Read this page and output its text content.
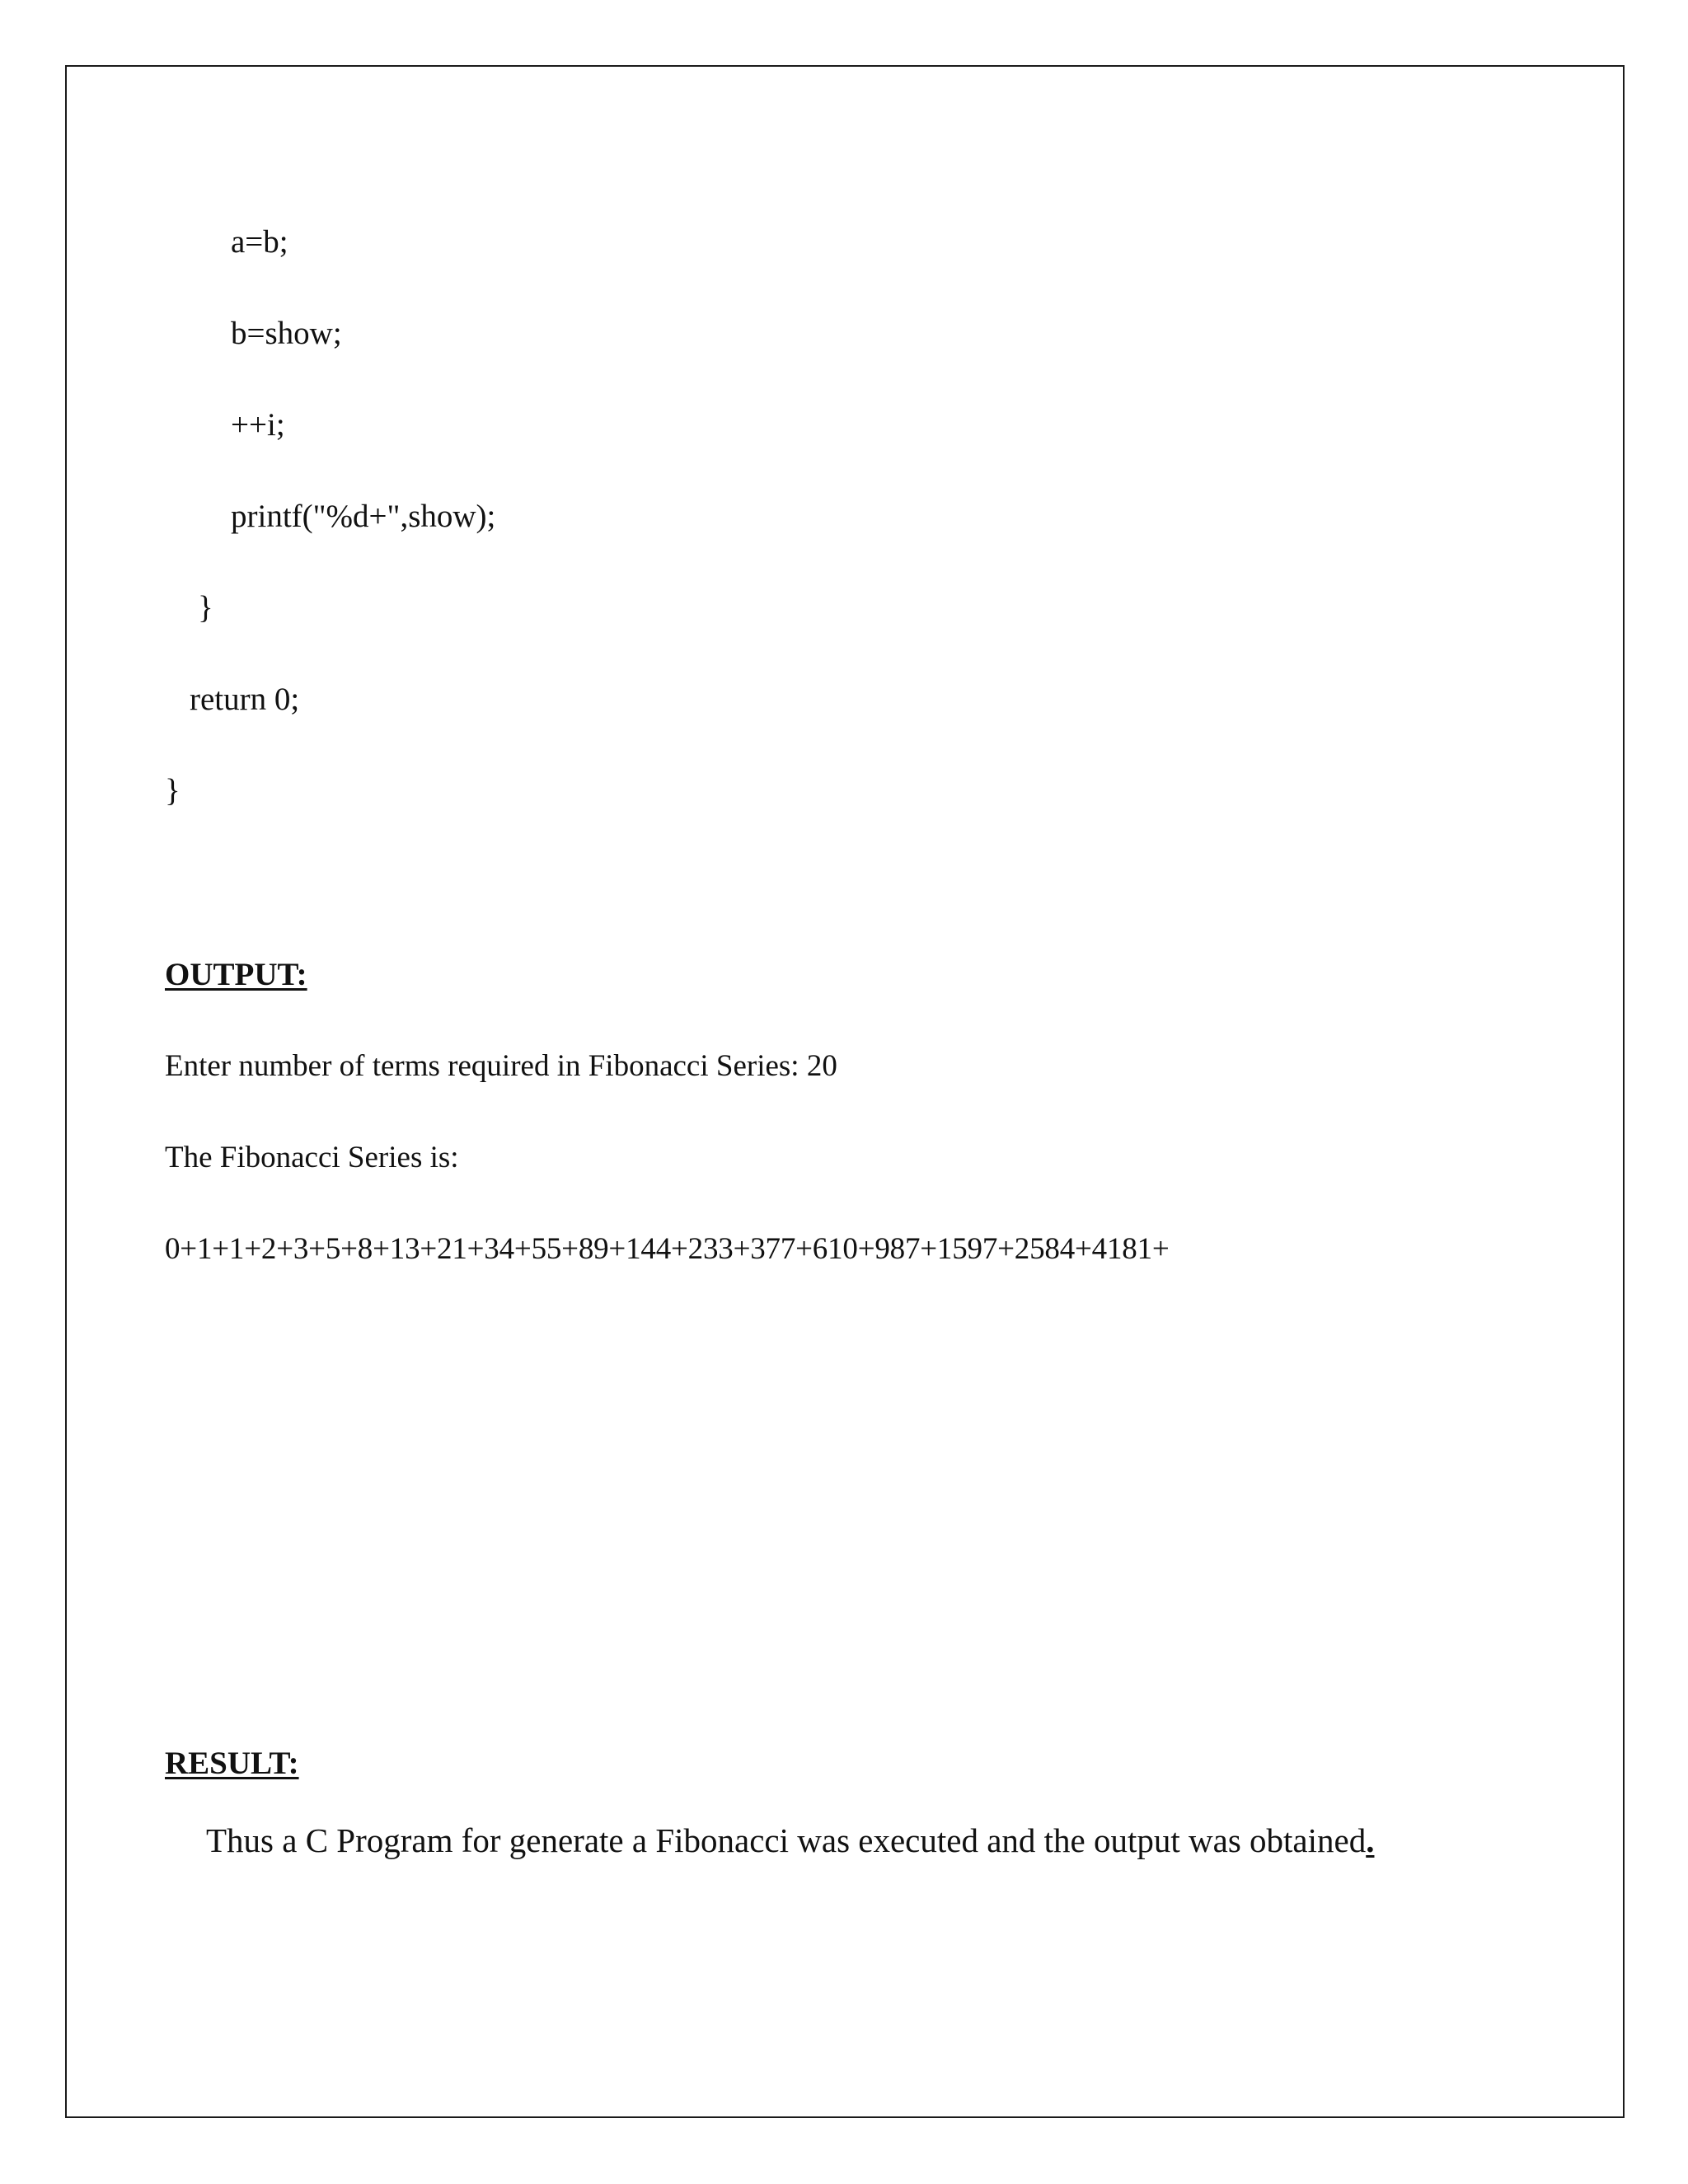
a=b;
b=show;
++i;
printf("%d+",show);
}
return 0;
}
OUTPUT:
Enter number of terms required in Fibonacci Series: 20
The Fibonacci Series is:
0+1+1+2+3+5+8+13+21+34+55+89+144+233+377+610+987+1597+2584+4181+
RESULT:
Thus a C Program for generate a Fibonacci was executed and the output was obtained.
